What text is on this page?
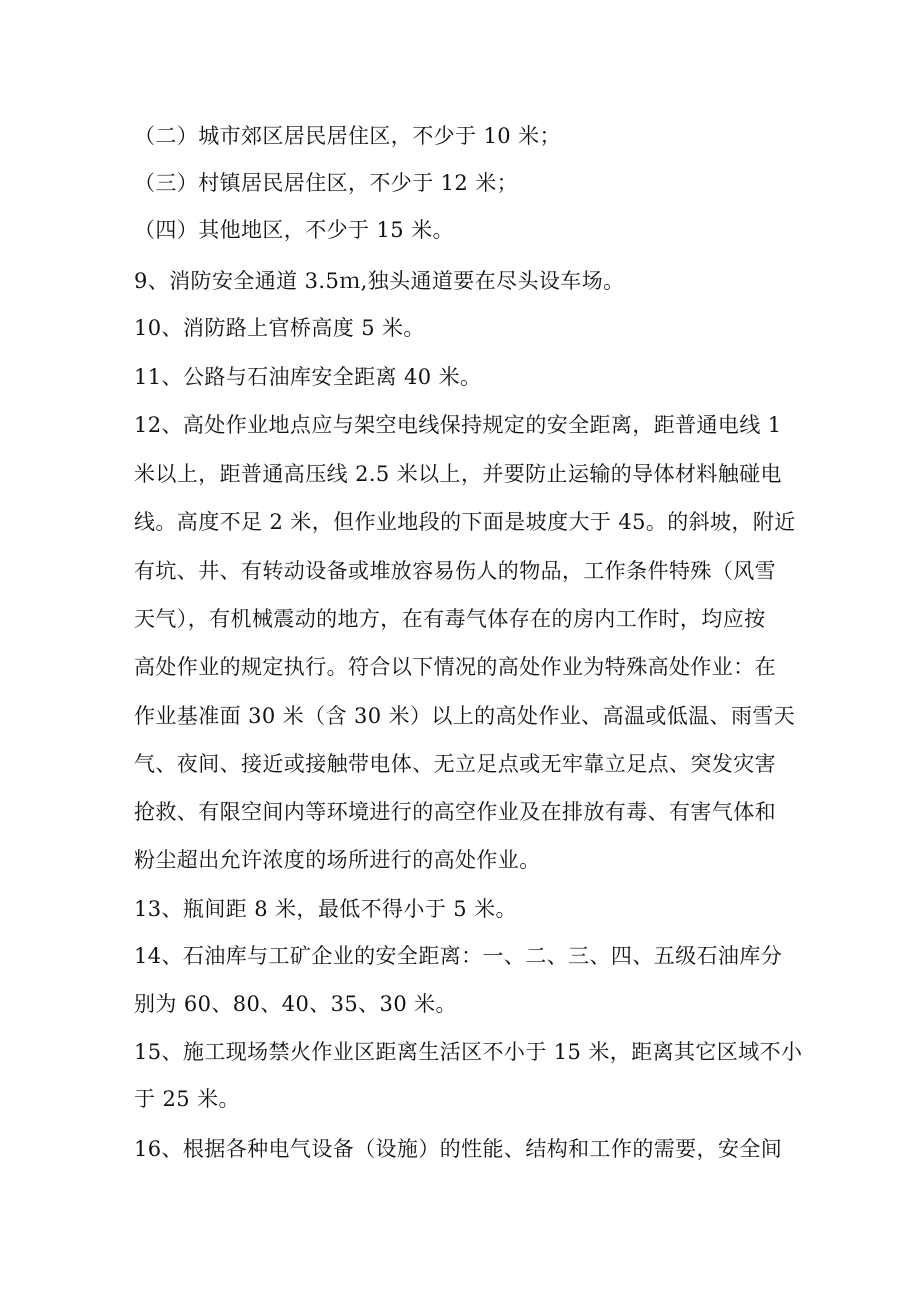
（二）城市郊区居民居住区，不少于 10 米；
（三）村镇居民居住区，不少于 12 米；
（四）其他地区，不少于 15 米。
9、消防安全通道 3.5ｍ,独头通道要在尽头设车场。
10、消防路上官桥高度 5 米。
11、公路与石油库安全距离 40 米。
12、高处作业地点应与架空电线保持规定的安全距离，距普通电线 1
米以上，距普通高压线 2.5 米以上，并要防止运输的导体材料触碰电
线。高度不足 2 米，但作业地段的下面是坡度大于 45。的斜坡，附近
有坑、井、有转动设备或堆放容易伤人的物品，工作条件特殊（风雪
天气），有机械震动的地方，在有毒气体存在的房内工作时，均应按
高处作业的规定执行。符合以下情况的高处作业为特殊高处作业：在
作业基准面 30 米（含 30 米）以上的高处作业、高温或低温、雨雪天
气、夜间、接近或接触带电体、无立足点或无牢靠立足点、突发灾害
抢救、有限空间内等环境进行的高空作业及在排放有毒、有害气体和
粉尘超出允许浓度的场所进行的高处作业。
13、瓶间距 8 米，最低不得小于 5 米。
14、石油库与工矿企业的安全距离：一、二、三、四、五级石油库分
别为 60、80、40、35、30 米。
15、施工现场禁火作业区距离生活区不小于 15 米，距离其它区域不小
于 25 米。
16、根据各种电气设备（设施）的性能、结构和工作的需要，安全间
